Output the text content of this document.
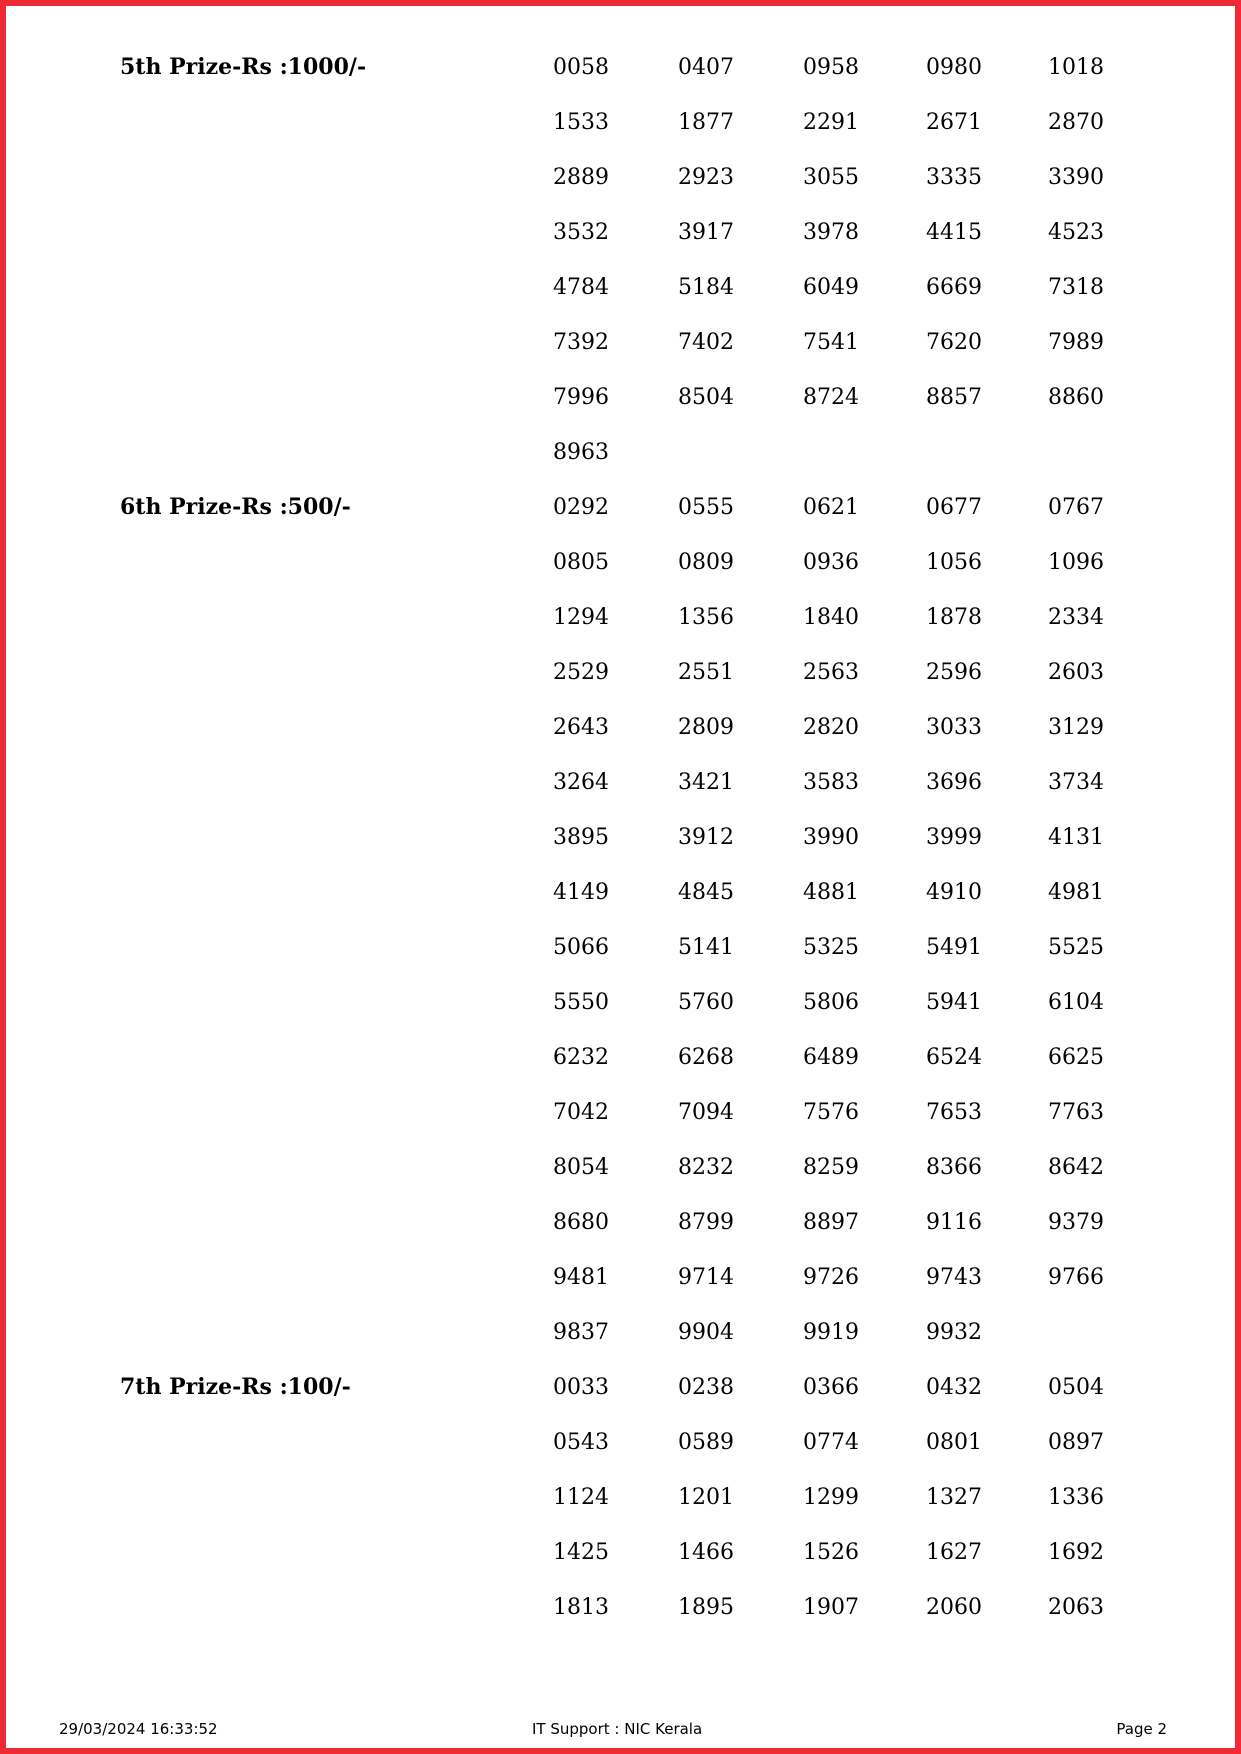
5th Prize-Rs :1000/-	0058	0407	0958	0980	1018
1533	1877	2291	2671	2870
2889	2923	3055	3335	3390
3532	3917	3978	4415	4523
4784	5184	6049	6669	7318
7392	7402	7541	7620	7989
7996	8504	8724	8857	8860
8963
6th Prize-Rs :500/-	0292	0555	0621	0677	0767
0805	0809	0936	1056	1096
1294	1356	1840	1878	2334
2529	2551	2563	2596	2603
2643	2809	2820	3033	3129
3264	3421	3583	3696	3734
3895	3912	3990	3999	4131
4149	4845	4881	4910	4981
5066	5141	5325	5491	5525
5550	5760	5806	5941	6104
6232	6268	6489	6524	6625
7042	7094	7576	7653	7763
8054	8232	8259	8366	8642
8680	8799	8897	9116	9379
9481	9714	9726	9743	9766
9837	9904	9919	9932
7th Prize-Rs :100/-	0033	0238	0366	0432	0504
0543	0589	0774	0801	0897
1124	1201	1299	1327	1336
1425	1466	1526	1627	1692
1813	1895	1907	2060	2063
29/03/2024 16:33:52	IT Support : NIC Kerala	Page 2
